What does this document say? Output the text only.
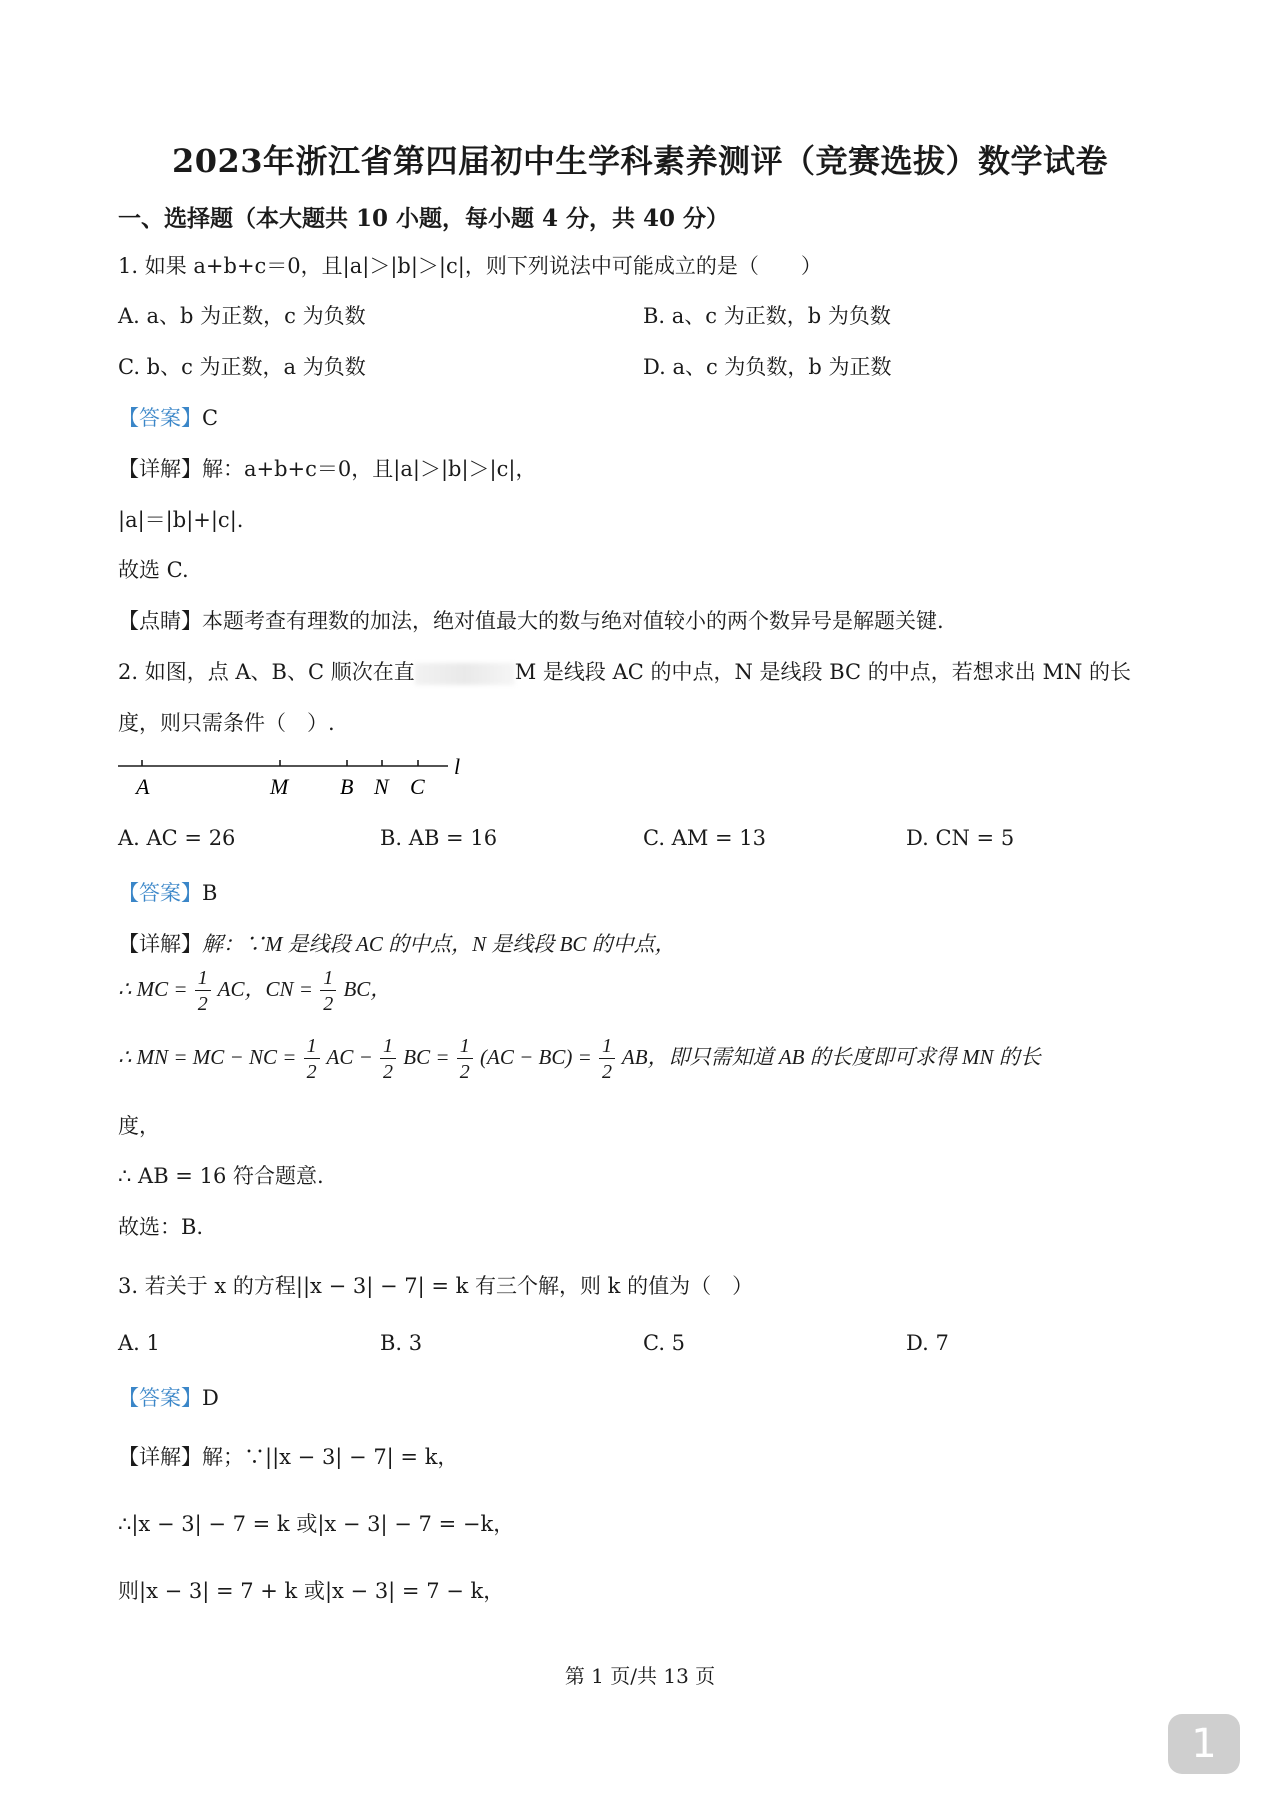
2023年浙江省第四届初中生学科素养测评（竞赛选拔）数学试卷
一、选择题（本大题共 10 小题，每小题 4 分，共 40 分）
1. 如果 a+b+c＝0，且|a|＞|b|＞|c|，则下列说法中可能成立的是（　　）
A. a、b 为正数，c 为负数	B. a、c 为正数，b 为负数
C. b、c 为正数，a 为负数	D. a、c 为负数，b 为正数
【答案】C
【详解】解：a+b+c＝0，且|a|＞|b|＞|c|，
|a|＝|b|+|c|.
故选 C.
【点睛】本题考查有理数的加法，绝对值最大的数与绝对值较小的两个数异号是解题关键.
2. 如图，点 A、B、C 顺次在直	M 是线段 AC 的中点，N 是线段 BC 的中点，若想求出 MN 的长
度，则只需条件（　）.
A	M B N C
l
A. AC = 26	B. AB = 16	C. AM = 13	D. CN = 5
【答案】B
【详解】解：∵M 是线段 AC 的中点，N 是线段 BC 的中点，
∴ MC = $\frac{1}{2}$ AC，CN = $\frac{1}{2}$ BC，
∴ MN = MC − NC = $\frac{1}{2}$ AC − $\frac{1}{2}$ BC = $\frac{1}{2} (AC - BC) = \frac{1}{2}$ AB，即只需知道 AB 的长度即可求得 MN 的长
度，
∴ AB = 16 符合题意.
故选：B.
3. 若关于 x 的方程||x − 3| − 7| = k 有三个解，则 k 的值为（　）
A. 1	B. 3	C. 5	D. 7
【答案】D
【详解】解；∵||x − 3| − 7| = k，
∴|x − 3| − 7 = k 或|x − 3| − 7 = −k，
则|x − 3| = 7 + k 或|x − 3| = 7 − k，
第 1 页/共 13 页
1
